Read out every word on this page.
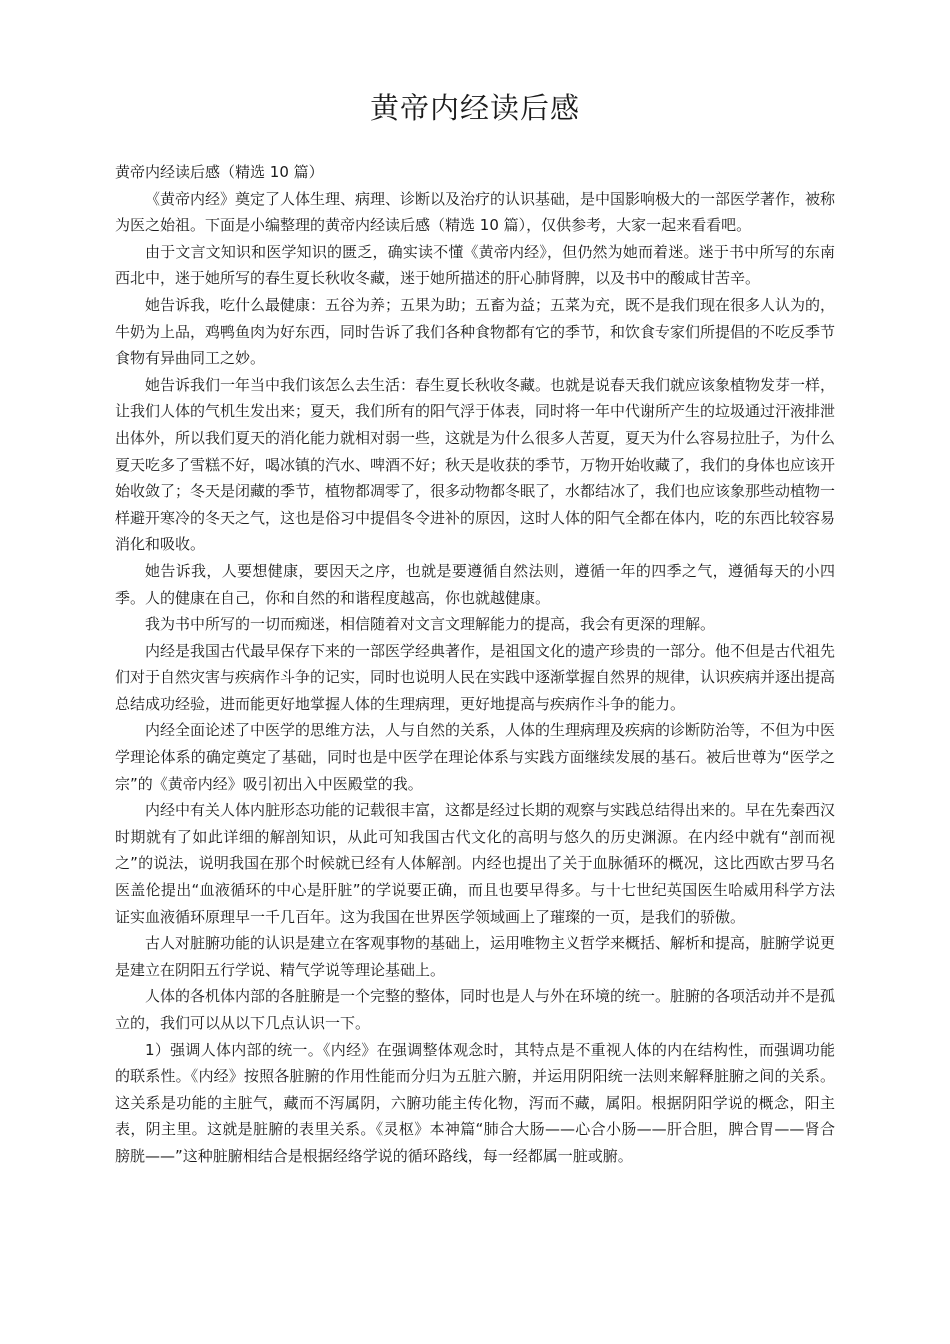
黄帝内经读后感

黄帝内经读后感（精选 10 篇）

《黄帝内经》奠定了人体生理、病理、诊断以及治疗的认识基础，是中国影响极大的一部医学著作，被称为医之始祖。下面是小编整理的黄帝内经读后感（精选 10 篇），仅供参考，大家一起来看看吧。

由于文言文知识和医学知识的匮乏，确实读不懂《黄帝内经》，但仍然为她而着迷。迷于书中所写的东南西北中，迷于她所写的春生夏长秋收冬藏，迷于她所描述的肝心肺肾脾，以及书中的酸咸甘苦辛。

她告诉我，吃什么最健康：五谷为养；五果为助；五畜为益；五菜为充，既不是我们现在很多人认为的，牛奶为上品，鸡鸭鱼肉为好东西，同时告诉了我们各种食物都有它的季节，和饮食专家们所提倡的不吃反季节食物有异曲同工之妙。

她告诉我们一年当中我们该怎么去生活：春生夏长秋收冬藏。也就是说春天我们就应该象植物发芽一样，让我们人体的气机生发出来；夏天，我们所有的阳气浮于体表，同时将一年中代谢所产生的垃圾通过汗液排泄出体外，所以我们夏天的消化能力就相对弱一些，这就是为什么很多人苦夏，夏天为什么容易拉肚子，为什么夏天吃多了雪糕不好，喝冰镇的汽水、啤酒不好；秋天是收获的季节，万物开始收藏了，我们的身体也应该开始收敛了；冬天是闭藏的季节，植物都凋零了，很多动物都冬眠了，水都结冰了，我们也应该象那些动植物一样避开寒冷的冬天之气，这也是俗习中提倡冬令进补的原因，这时人体的阳气全都在体内，吃的东西比较容易消化和吸收。

她告诉我，人要想健康，要因天之序，也就是要遵循自然法则，遵循一年的四季之气，遵循每天的小四季。人的健康在自己，你和自然的和谐程度越高，你也就越健康。

我为书中所写的一切而痴迷，相信随着对文言文理解能力的提高，我会有更深的理解。

内经是我国古代最早保存下来的一部医学经典著作，是祖国文化的遗产珍贵的一部分。他不但是古代祖先们对于自然灾害与疾病作斗争的记实，同时也说明人民在实践中逐渐掌握自然界的规律，认识疾病并逐出提高总结成功经验，进而能更好地掌握人体的生理病理，更好地提高与疾病作斗争的能力。

内经全面论述了中医学的思维方法，人与自然的关系，人体的生理病理及疾病的诊断防治等，不但为中医学理论体系的确定奠定了基础，同时也是中医学在理论体系与实践方面继续发展的基石。被后世尊为“医学之宗”的《黄帝内经》吸引初出入中医殿堂的我。

内经中有关人体内脏形态功能的记载很丰富，这都是经过长期的观察与实践总结得出来的。早在先秦西汉时期就有了如此详细的解剖知识，从此可知我国古代文化的高明与悠久的历史渊源。在内经中就有“剖而视之”的说法，说明我国在那个时候就已经有人体解剖。内经也提出了关于血脉循环的概况，这比西欧古罗马名医盖伦提出“血液循环的中心是肝脏”的学说要正确，而且也要早得多。与十七世纪英国医生哈威用科学方法证实血液循环原理早一千几百年。这为我国在世界医学领域画上了璀璨的一页，是我们的骄傲。

古人对脏腑功能的认识是建立在客观事物的基础上，运用唯物主义哲学来概括、解析和提高，脏腑学说更是建立在阴阳五行学说、精气学说等理论基础上。

人体的各机体内部的各脏腑是一个完整的整体，同时也是人与外在环境的统一。脏腑的各项活动并不是孤立的，我们可以从以下几点认识一下。

1）强调人体内部的统一。《内经》在强调整体观念时，其特点是不重视人体的内在结构性，而强调功能的联系性。《内经》按照各脏腑的作用性能而分归为五脏六腑，并运用阴阳统一法则来解释脏腑之间的关系。这关系是功能的主脏气，藏而不泻属阴，六腑功能主传化物，泻而不藏，属阳。根据阴阳学说的概念，阳主表，阴主里。这就是脏腑的表里关系。《灵枢》本神篇“肺合大肠——心合小肠——肝合胆，脾合胃——肾合膀胱——”这种脏腑相结合是根据经络学说的循环路线，每一经都属一脏或腑。
